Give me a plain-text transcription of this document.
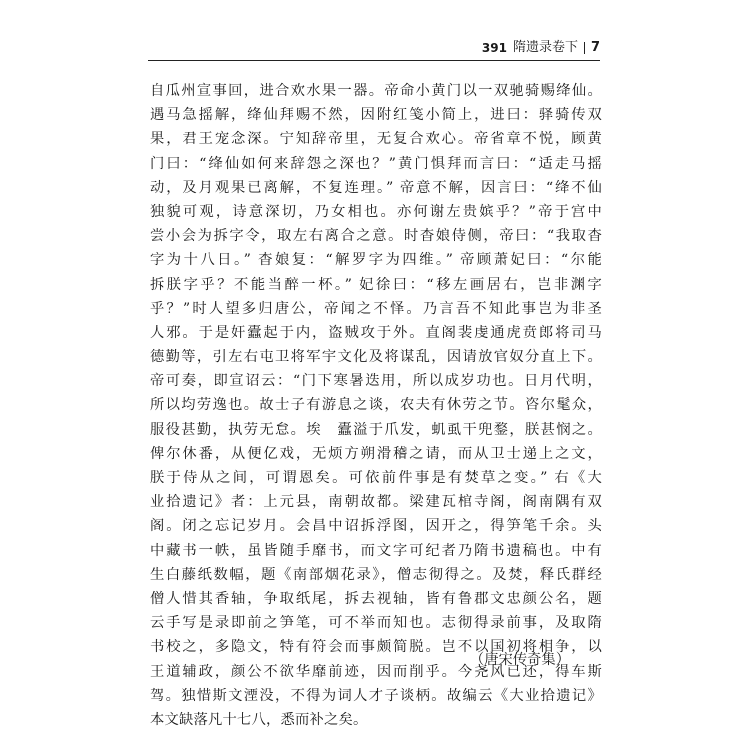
391 隋遗录卷下 7
自瓜州宣事回，进合欢水果一器。帝命小黄门以一双驰骑赐绛仙。
遇马急摇解，绛仙拜赐不然，因附红笺小简上，进曰：驿骑传双
果，君王宠念深。宁知辞帝里，无复合欢心。帝省章不悦，顾黄
门曰：“绛仙如何来辞怨之深也？”黄门惧拜而言曰：“适走马摇
动，及月观果已离解，不复连理。” 帝意不解，因言曰：“绛不仙
独貌可观，诗意深切，乃女相也。亦何谢左贵嫔乎？”帝于宫中
尝小会为拆字令，取左右离合之意。时杳娘侍侧，帝曰：“我取杳
字为十八日。” 杳娘复：“解罗字为四维。” 帝顾萧妃曰：“尔能
拆朕字乎？不能当醉一杯。” 妃徐曰：“移左画居右，岂非渊字
乎？”时人望多归唐公，帝闻之不怿。乃言吾不知此事岂为非圣
人邪。于是奸蠹起于内，盗贼攻于外。直阁裴虔通虎贲郎将司马
德勤等，引左右屯卫将军宇文化及将谋乱，因请放官奴分直上下。
帝可奏，即宣诏云：“门下寒暑迭用，所以成岁功也。日月代明，
所以均劳逸也。故士子有游息之谈，农夫有休劳之节。咨尔髦众，
服役甚勤，执劳无怠。埃　蠹溢于爪发，虮虱干兜鍪，朕甚悯之。
俾尔休番，从便亿戏，无烦方朔滑稽之请，而从卫士递上之文，
朕于侍从之间，可谓恩矣。可依前件事是有焚草之变。” 右《大
业拾遗记》者：上元县，南朝故都。梁建瓦棺寺阁，阁南隅有双
阁。闭之忘记岁月。会昌中诏拆浮图，因开之，得笋笔千余。头
中藏书一帙，虽皆随手靡书，而文字可纪者乃隋书遗稿也。中有
生白藤纸数幅，题《南部烟花录》，僧志彻得之。及焚，释氏群经
僧人惜其香轴，争取纸尾，拆去视轴，皆有鲁郡文忠颜公名，题
云手写是录即前之笋笔，可不举而知也。志彻得录前事，及取隋
书校之，多隐文，特有符会而事颇简脱。岂不以国初将相争，以
王道辅政，颜公不欲华靡前迹，因而削乎。今尧风已还，得车斯
驾。独惜斯文湮没，不得为词人才子谈柄。故编云《大业拾遗记》
本文缺落凡十七八，悉而补之矣。
（唐宋传奇集）
